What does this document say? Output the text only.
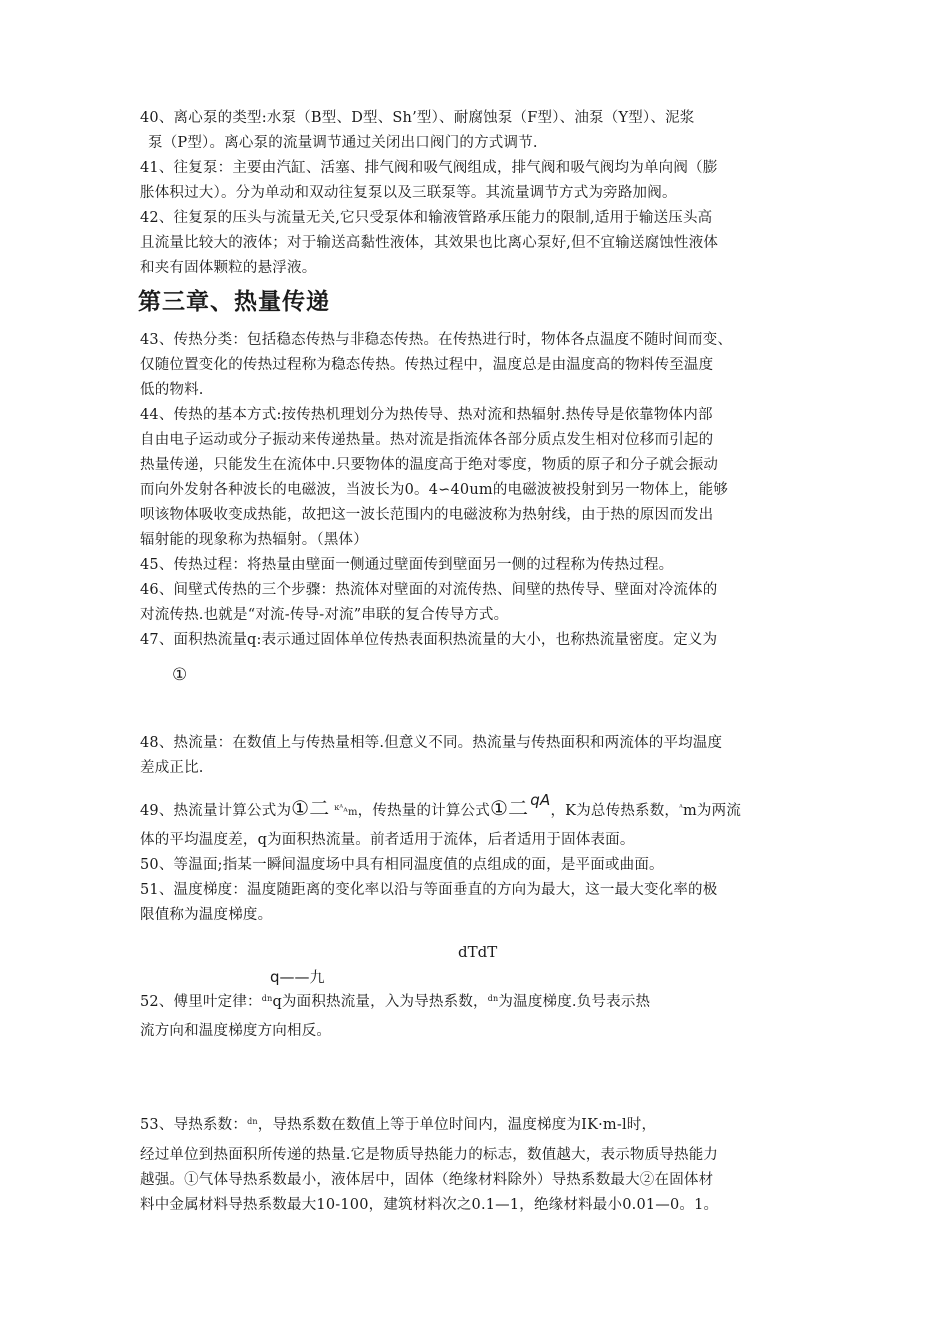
40、离心泵的类型:水泵（B型、D型、Sh’型）、耐腐蚀泵（F型）、油泵（Y型）、泥浆
泵（P型）。离心泵的流量调节通过关闭出口阀门的方式调节.
41、往复泵：主要由汽缸、活塞、排气阀和吸气阀组成，排气阀和吸气阀均为单向阀（膨
胀体积过大）。分为单动和双动往复泵以及三联泵等。其流量调节方式为旁路加阀。
42、往复泵的压头与流量无关,它只受泵体和输液管路承压能力的限制,适用于输送压头高
且流量比较大的液体；对于输送高黏性液体，其效果也比离心泵好,但不宜输送腐蚀性液体
和夹有固体颗粒的悬浮液。
第三章、热量传递
43、传热分类：包括稳态传热与非稳态传热。在传热进行时，物体各点温度不随时间而变、
仅随位置变化的传热过程称为稳态传热。传热过程中，温度总是由温度高的物料传至温度
低的物料.
44、传热的基本方式:按传热机理划分为热传导、热对流和热辐射.热传导是依靠物体内部
自由电子运动或分子振动来传递热量。热对流是指流体各部分质点发生相对位移而引起的
热量传递，只能发生在流体中.只要物体的温度高于绝对零度，物质的原子和分子就会振动
而向外发射各种波长的电磁波，当波长为0。4∽40um的电磁波被投射到另一物体上，能够
呗该物体吸收变成热能，故把这一波长范围内的电磁波称为热射线，由于热的原因而发出
辐射能的现象称为热辐射。（黑体）
45、传热过程：将热量由壁面一侧通过壁面传到壁面另一侧的过程称为传热过程。
46、间壁式传热的三个步骤：热流体对壁面的对流传热、间壁的热传导、壁面对冷流体的
对流传热.也就是“对流-传导-对流”串联的复合传导方式。
47、面积热流量q:表示通过固体单位传热表面积热流量的大小，也称热流量密度。定义为
①
48、热流量：在数值上与传热量相等.但意义不同。热流量与传热面积和两流体的平均温度
差成正比.
49、热流量计算公式为①二 $^{ĸᴬ}$ᴬm，传热量的计算公式①二 qA，K为总传热系数，$^ᴬ$m为两流
体的平均温度差，q为面积热流量。前者适用于流体，后者适用于固体表面。
50、等温面;指某一瞬间温度场中具有相同温度值的点组成的面，是平面或曲面。
51、温度梯度：温度随距离的变化率以沿与等面垂直的方向为最大，这一最大变化率的极
限值称为温度梯度。
dTdT
q——九
52、傅里叶定律：$^{dn}$q为面积热流量，入为导热系数，$^{dn}$为温度梯度.负号表示热
流方向和温度梯度方向相反。
53、导热系数：$^{dn}$，导热系数在数值上等于单位时间内，温度梯度为IK·m-l时，
经过单位到热面积所传递的热量.它是物质导热能力的标志，数值越大，表示物质导热能力
越强。①气体导热系数最小，液体居中，固体（绝缘材料除外）导热系数最大②在固体材
料中金属材料导热系数最大10-100，建筑材料次之0.1—1，绝缘材料最小0.01—0。1。
